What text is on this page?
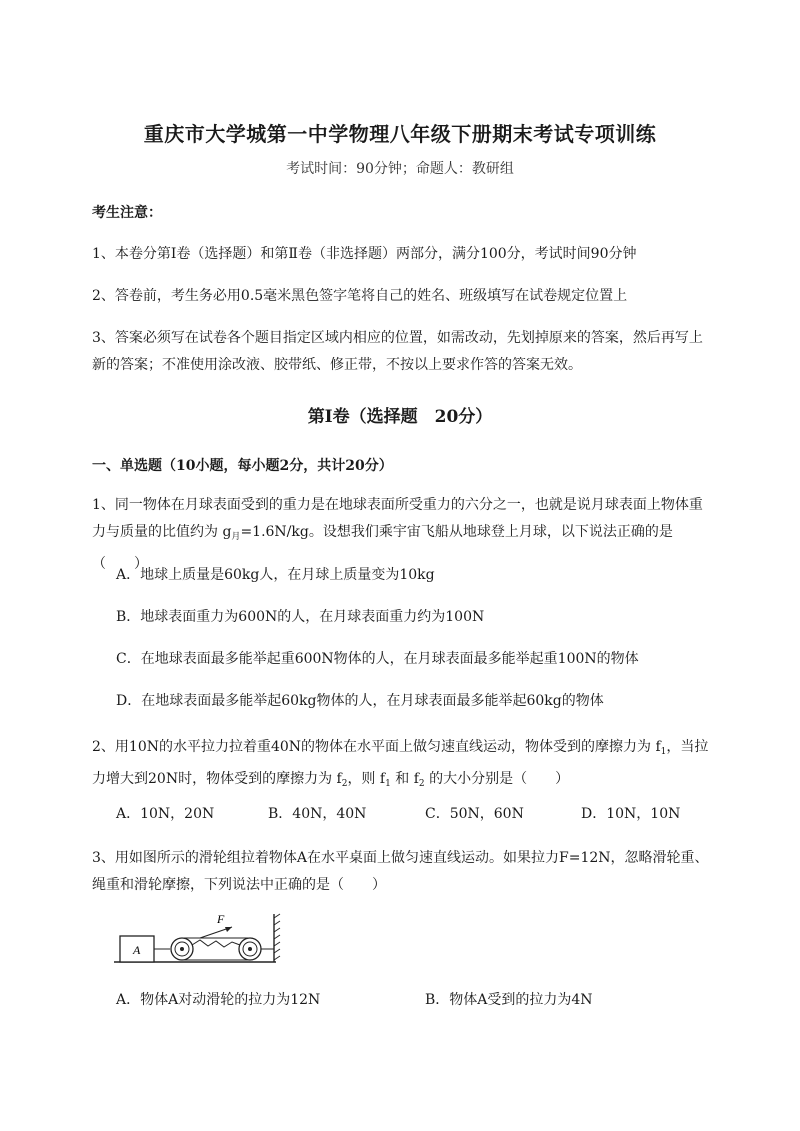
重庆市大学城第一中学物理八年级下册期末考试专项训练
考试时间：90分钟；命题人：教研组
考生注意：
1、本卷分第I卷（选择题）和第Ⅱ卷（非选择题）两部分，满分100分，考试时间90分钟
2、答卷前，考生务必用0.5毫米黑色签字笔将自己的姓名、班级填写在试卷规定位置上
3、答案必须写在试卷各个题目指定区域内相应的位置，如需改动，先划掉原来的答案，然后再写上新的答案；不准使用涂改液、胶带纸、修正带，不按以上要求作答的答案无效。
第I卷（选择题　20分）
一、单选题（10小题，每小题2分，共计20分）
1、同一物体在月球表面受到的重力是在地球表面所受重力的六分之一，也就是说月球表面上物体重力与质量的比值约为 $g_月=1.6N/kg$。设想我们乘宇宙飞船从地球登上月球，以下说法正确的是（　　）
A．地球上质量是60kg人，在月球上质量变为10kg
B．地球表面重力为600N的人，在月球表面重力约为100N
C．在地球表面最多能举起重600N物体的人，在月球表面最多能举起重100N的物体
D．在地球表面最多能举起60kg物体的人，在月球表面最多能举起60kg的物体
2、用10N的水平拉力拉着重40N的物体在水平面上做匀速直线运动，物体受到的摩擦力为 $f_1$，当拉力增大到20N时，物体受到的摩擦力为 $f_2$，则 $f_1$ 和 $f_2$ 的大小分别是（　　）
A．10N，20N	B．40N，40N	C．50N，60N	D．10N，10N
3、用如图所示的滑轮组拉着物体A在水平桌面上做匀速直线运动。如果拉力F=12N，忽略滑轮重、绳重和滑轮摩擦，下列说法中正确的是（　　）
A
F
A．物体A对动滑轮的拉力为12N	B．物体A受到的拉力为4N
